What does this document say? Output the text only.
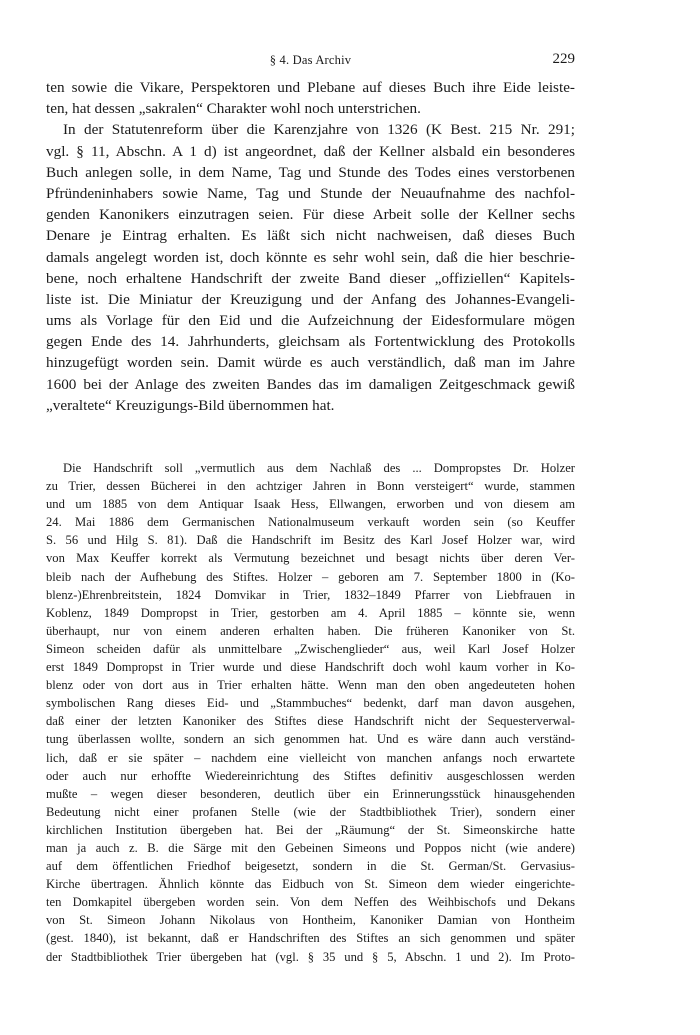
§ 4. Das Archiv	229
ten sowie die Vikare, Perspektoren und Plebane auf dieses Buch ihre Eide leiste-
ten, hat dessen „sakralen“ Charakter wohl noch unterstrichen.
In der Statutenreform über die Karenzjahre von 1326 (K Best. 215 Nr. 291;
vgl. § 11, Abschn. A 1 d) ist angeordnet, daß der Kellner alsbald ein besonderes
Buch anlegen solle, in dem Name, Tag und Stunde des Todes eines verstorbenen
Pfründeninhabers sowie Name, Tag und Stunde der Neuaufnahme des nachfol-
genden Kanonikers einzutragen seien. Für diese Arbeit solle der Kellner sechs
Denare je Eintrag erhalten. Es läßt sich nicht nachweisen, daß dieses Buch
damals angelegt worden ist, doch könnte es sehr wohl sein, daß die hier beschrie-
bene, noch erhaltene Handschrift der zweite Band dieser „offiziellen“ Kapitels-
liste ist. Die Miniatur der Kreuzigung und der Anfang des Johannes-Evangeli-
ums als Vorlage für den Eid und die Aufzeichnung der Eidesformulare mögen
gegen Ende des 14. Jahrhunderts, gleichsam als Fortentwicklung des Protokolls
hinzugefügt worden sein. Damit würde es auch verständlich, daß man im Jahre
1600 bei der Anlage des zweiten Bandes das im damaligen Zeitgeschmack gewiß
„veraltete“ Kreuzigungs-Bild übernommen hat.
Die Handschrift soll „vermutlich aus dem Nachlaß des ... Dompropstes Dr. Holzer
zu Trier, dessen Bücherei in den achtziger Jahren in Bonn versteigert“ wurde, stammen
und um 1885 von dem Antiquar Isaak Hess, Ellwangen, erworben und von diesem am
24. Mai 1886 dem Germanischen Nationalmuseum verkauft worden sein (so Keuffer
S. 56 und Hilg S. 81). Daß die Handschrift im Besitz des Karl Josef Holzer war, wird
von Max Keuffer korrekt als Vermutung bezeichnet und besagt nichts über deren Ver-
bleib nach der Aufhebung des Stiftes. Holzer – geboren am 7. September 1800 in (Ko-
blenz-)Ehrenbreitstein, 1824 Domvikar in Trier, 1832–1849 Pfarrer von Liebfrauen in
Koblenz, 1849 Dompropst in Trier, gestorben am 4. April 1885 – könnte sie, wenn
überhaupt, nur von einem anderen erhalten haben. Die früheren Kanoniker von St.
Simeon scheiden dafür als unmittelbare „Zwischenglieder“ aus, weil Karl Josef Holzer
erst 1849 Dompropst in Trier wurde und diese Handschrift doch wohl kaum vorher in Ko-
blenz oder von dort aus in Trier erhalten hätte. Wenn man den oben angedeuteten hohen
symbolischen Rang dieses Eid- und „Stammbuches“ bedenkt, darf man davon ausgehen,
daß einer der letzten Kanoniker des Stiftes diese Handschrift nicht der Sequesterverwal-
tung überlassen wollte, sondern an sich genommen hat. Und es wäre dann auch verständ-
lich, daß er sie später – nachdem eine vielleicht von manchen anfangs noch erwartete
oder auch nur erhoffte Wiedereinrichtung des Stiftes definitiv ausgeschlossen werden
mußte – wegen dieser besonderen, deutlich über ein Erinnerungsstück hinausgehenden
Bedeutung nicht einer profanen Stelle (wie der Stadtbibliothek Trier), sondern einer
kirchlichen Institution übergeben hat. Bei der „Räumung“ der St. Simeonskirche hatte
man ja auch z. B. die Särge mit den Gebeinen Simeons und Poppos nicht (wie andere)
auf dem öffentlichen Friedhof beigesetzt, sondern in die St. German/St. Gervasius-
Kirche übertragen. Ähnlich könnte das Eidbuch von St. Simeon dem wieder eingerichte-
ten Domkapitel übergeben worden sein. Von dem Neffen des Weihbischofs und Dekans
von St. Simeon Johann Nikolaus von Hontheim, Kanoniker Damian von Hontheim
(gest. 1840), ist bekannt, daß er Handschriften des Stiftes an sich genommen und später
der Stadtbibliothek Trier übergeben hat (vgl. § 35 und § 5, Abschn. 1 und 2). Im Proto-
